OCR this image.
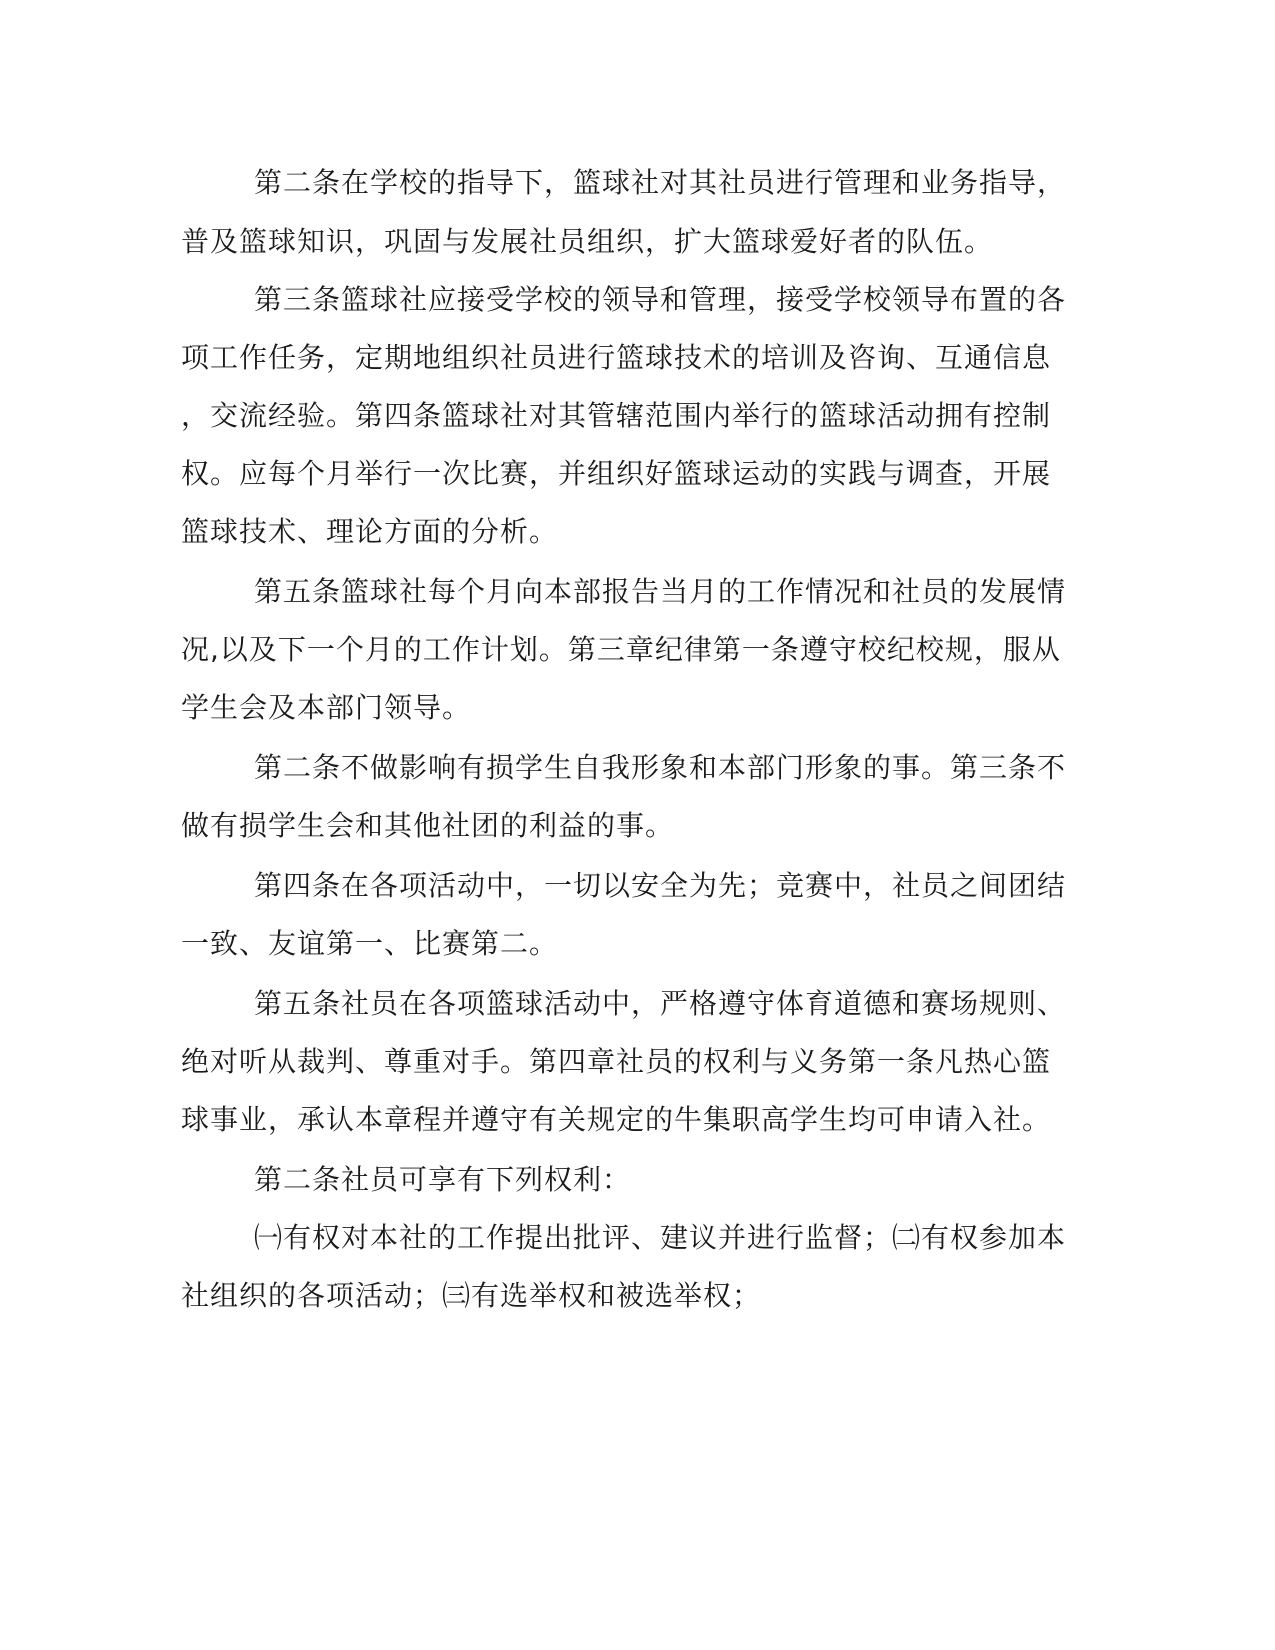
第二条在学校的指导下，篮球社对其社员进行管理和业务指导，
普及篮球知识，巩固与发展社员组织，扩大篮球爱好者的队伍。
第三条篮球社应接受学校的领导和管理，接受学校领导布置的各
项工作任务，定期地组织社员进行篮球技术的培训及咨询、互通信息
，交流经验。第四条篮球社对其管辖范围内举行的篮球活动拥有控制
权。应每个月举行一次比赛，并组织好篮球运动的实践与调查，开展
篮球技术、理论方面的分析。
第五条篮球社每个月向本部报告当月的工作情况和社员的发展情
况,以及下一个月的工作计划。第三章纪律第一条遵守校纪校规，服从
学生会及本部门领导。
第二条不做影响有损学生自我形象和本部门形象的事。第三条不
做有损学生会和其他社团的利益的事。
第四条在各项活动中，一切以安全为先；竞赛中，社员之间团结
一致、友谊第一、比赛第二。
第五条社员在各项篮球活动中，严格遵守体育道德和赛场规则、
绝对听从裁判、尊重对手。第四章社员的权利与义务第一条凡热心篮
球事业，承认本章程并遵守有关规定的牛集职高学生均可申请入社。
第二条社员可享有下列权利：
㈠有权对本社的工作提出批评、建议并进行监督；㈡有权参加本
社组织的各项活动；㈢有选举权和被选举权；
